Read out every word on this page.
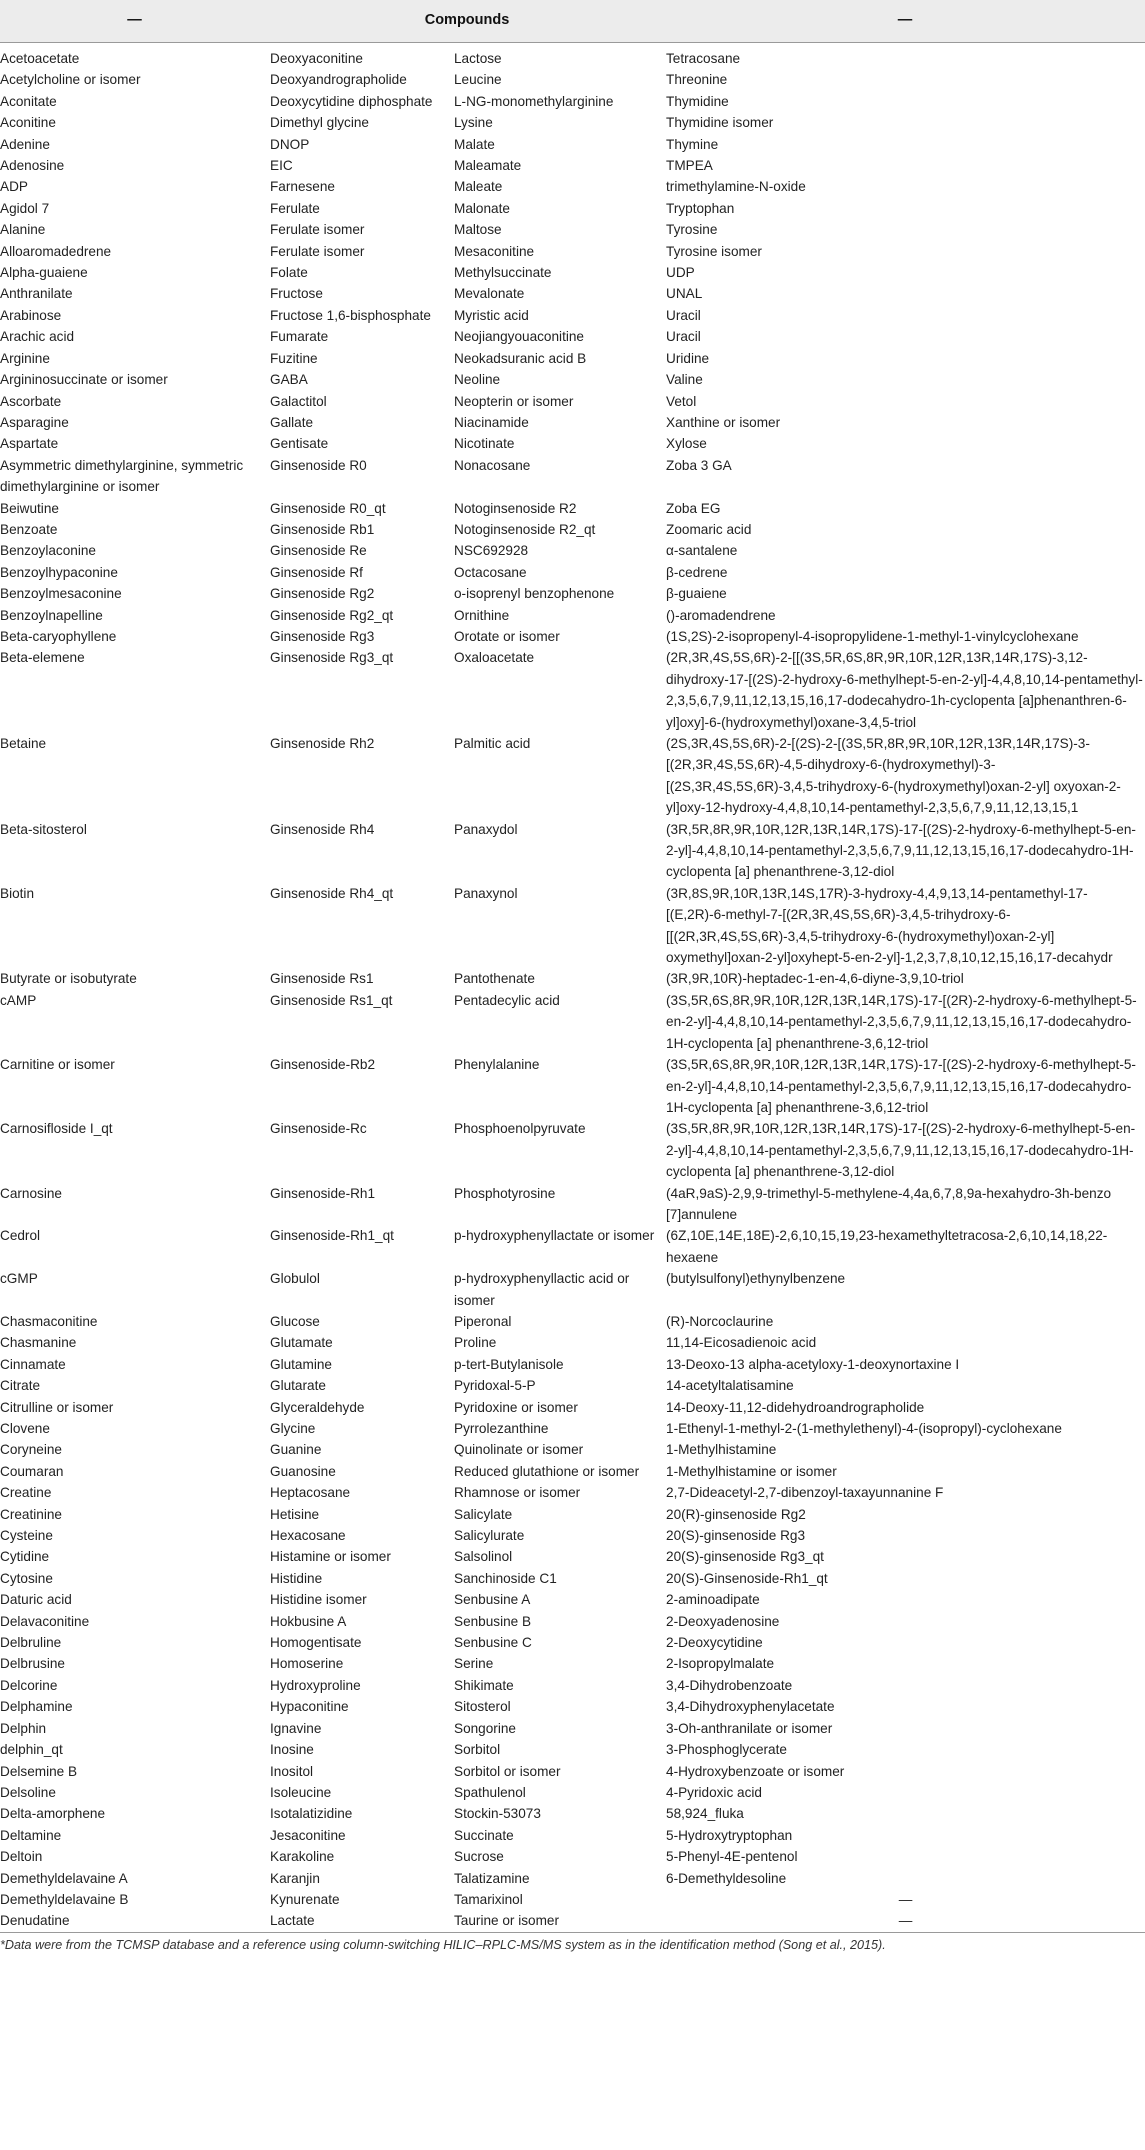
—	Compounds		—
Acetoacetate	Deoxyaconitine	Lactose	Tetracosane
Acetylcholine or isomer	Deoxyandrographolide	Leucine	Threonine
Aconitate	Deoxycytidine diphosphate	L-NG-monomethylarginine	Thymidine
Aconitine	Dimethyl glycine	Lysine	Thymidine isomer
Adenine	DNOP	Malate	Thymine
Adenosine	EIC	Maleamate	TMPEA
ADP	Farnesene	Maleate	trimethylamine-N-oxide
Agidol 7	Ferulate	Malonate	Tryptophan
Alanine	Ferulate isomer	Maltose	Tyrosine
Alloaromadedrene	Ferulate isomer	Mesaconitine	Tyrosine isomer
Alpha-guaiene	Folate	Methylsuccinate	UDP
Anthranilate	Fructose	Mevalonate	UNAL
Arabinose	Fructose 1,6-bisphosphate	Myristic acid	Uracil
Arachic acid	Fumarate	Neojiangyouaconitine	Uracil
Arginine	Fuzitine	Neokadsuranic acid B	Uridine
Argininosuccinate or isomer	GABA	Neoline	Valine
Ascorbate	Galactitol	Neopterin or isomer	Vetol
Asparagine	Gallate	Niacinamide	Xanthine or isomer
Aspartate	Gentisate	Nicotinate	Xylose
Asymmetric dimethylarginine, symmetric dimethylarginine or isomer	Ginsenoside R0	Nonacosane	Zoba 3 GA
Beiwutine	Ginsenoside R0_qt	Notoginsenoside R2	Zoba EG
Benzoate	Ginsenoside Rb1	Notoginsenoside R2_qt	Zoomaric acid
Benzoylaconine	Ginsenoside Re	NSC692928	α-santalene
Benzoylhypaconine	Ginsenoside Rf	Octacosane	β-cedrene
Benzoylmesaconine	Ginsenoside Rg2	o-isoprenyl benzophenone	β-guaiene
Benzoylnapelline	Ginsenoside Rg2_qt	Ornithine	()-aromadendrene
Beta-caryophyllene	Ginsenoside Rg3	Orotate or isomer	(1S,2S)-2-isopropenyl-4-isopropylidene-1-methyl-1-vinylcyclohexane
Beta-elemene	Ginsenoside Rg3_qt	Oxaloacetate	(2R,3R,4S,5S,6R)-2-[[(3S,5R,6S,8R,9R,10R,12R,13R,14R,17S)-3,12-dihydroxy-17-[(2S)-2-hydroxy-6-methylhept-5-en-2-yl]-4,4,8,10,14-pentamethyl-2,3,5,6,7,9,11,12,13,15,16,17-dodecahydro-1h-cyclopenta [a]phenanthren-6-yl]oxy]-6-(hydroxymethyl)oxane-3,4,5-triol
Betaine	Ginsenoside Rh2	Palmitic acid	(2S,3R,4S,5S,6R)-2-[(2S)-2-[(3S,5R,8R,9R,10R,12R,13R,14R,17S)-3-[(2R,3R,4S,5S,6R)-4,5-dihydroxy-6-(hydroxymethyl)-3-[(2S,3R,4S,5S,6R)-3,4,5-trihydroxy-6-(hydroxymethyl)oxan-2-yl] oxyoxan-2-yl]oxy-12-hydroxy-4,4,8,10,14-pentamethyl-2,3,5,6,7,9,11,12,13,15,1
Beta-sitosterol	Ginsenoside Rh4	Panaxydol	(3R,5R,8R,9R,10R,12R,13R,14R,17S)-17-[(2S)-2-hydroxy-6-methylhept-5-en-2-yl]-4,4,8,10,14-pentamethyl-2,3,5,6,7,9,11,12,13,15,16,17-dodecahydro-1H-cyclopenta [a] phenanthrene-3,12-diol
Biotin	Ginsenoside Rh4_qt	Panaxynol	(3R,8S,9R,10R,13R,14S,17R)-3-hydroxy-4,4,9,13,14-pentamethyl-17-[(E,2R)-6-methyl-7-[(2R,3R,4S,5S,6R)-3,4,5-trihydroxy-6-[[(2R,3R,4S,5S,6R)-3,4,5-trihydroxy-6-(hydroxymethyl)oxan-2-yl] oxymethyl]oxan-2-yl]oxyhept-5-en-2-yl]-1,2,3,7,8,10,12,15,16,17-decahydr
Butyrate or isobutyrate	Ginsenoside Rs1	Pantothenate	(3R,9R,10R)-heptadec-1-en-4,6-diyne-3,9,10-triol
cAMP	Ginsenoside Rs1_qt	Pentadecylic acid	(3S,5R,6S,8R,9R,10R,12R,13R,14R,17S)-17-[(2R)-2-hydroxy-6-methylhept-5-en-2-yl]-4,4,8,10,14-pentamethyl-2,3,5,6,7,9,11,12,13,15,16,17-dodecahydro-1H-cyclopenta [a] phenanthrene-3,6,12-triol
Carnitine or isomer	Ginsenoside-Rb2	Phenylalanine	(3S,5R,6S,8R,9R,10R,12R,13R,14R,17S)-17-[(2S)-2-hydroxy-6-methylhept-5-en-2-yl]-4,4,8,10,14-pentamethyl-2,3,5,6,7,9,11,12,13,15,16,17-dodecahydro-1H-cyclopenta [a] phenanthrene-3,6,12-triol
Carnosifloside I_qt	Ginsenoside-Rc	Phosphoenolpyruvate	(3S,5R,8R,9R,10R,12R,13R,14R,17S)-17-[(2S)-2-hydroxy-6-methylhept-5-en-2-yl]-4,4,8,10,14-pentamethyl-2,3,5,6,7,9,11,12,13,15,16,17-dodecahydro-1H-cyclopenta [a] phenanthrene-3,12-diol
Carnosine	Ginsenoside-Rh1	Phosphotyrosine	(4aR,9aS)-2,9,9-trimethyl-5-methylene-4,4a,6,7,8,9a-hexahydro-3h-benzo [7]annulene
Cedrol	Ginsenoside-Rh1_qt	p-hydroxyphenyllactate or isomer	(6Z,10E,14E,18E)-2,6,10,15,19,23-hexamethyltetracosa-2,6,10,14,18,22-hexaene
cGMP	Globulol	p-hydroxyphenyllactic acid or isomer	(butylsulfonyl)ethynylbenzene
Chasmaconitine	Glucose	Piperonal	(R)-Norcoclaurine
Chasmanine	Glutamate	Proline	11,14-Eicosadienoic acid
Cinnamate	Glutamine	p-tert-Butylanisole	13-Deoxo-13 alpha-acetyloxy-1-deoxynortaxine I
Citrate	Glutarate	Pyridoxal-5-P	14-acetyltalatisamine
Citrulline or isomer	Glyceraldehyde	Pyridoxine or isomer	14-Deoxy-11,12-didehydroandrographolide
Clovene	Glycine	Pyrrolezanthine	1-Ethenyl-1-methyl-2-(1-methylethenyl)-4-(isopropyl)-cyclohexane
Coryneine	Guanine	Quinolinate or isomer	1-Methylhistamine
Coumaran	Guanosine	Reduced glutathione or isomer	1-Methylhistamine or isomer
Creatine	Heptacosane	Rhamnose or isomer	2,7-Dideacetyl-2,7-dibenzoyl-taxayunnanine F
Creatinine	Hetisine	Salicylate	20(R)-ginsenoside Rg2
Cysteine	Hexacosane	Salicylurate	20(S)-ginsenoside Rg3
Cytidine	Histamine or isomer	Salsolinol	20(S)-ginsenoside Rg3_qt
Cytosine	Histidine	Sanchinoside C1	20(S)-Ginsenoside-Rh1_qt
Daturic acid	Histidine isomer	Senbusine A	2-aminoadipate
Delavaconitine	Hokbusine A	Senbusine B	2-Deoxyadenosine
Delbruline	Homogentisate	Senbusine C	2-Deoxycytidine
Delbrusine	Homoserine	Serine	2-Isopropylmalate
Delcorine	Hydroxyproline	Shikimate	3,4-Dihydrobenzoate
Delphamine	Hypaconitine	Sitosterol	3,4-Dihydroxyphenylacetate
Delphin	Ignavine	Songorine	3-Oh-anthranilate or isomer
delphin_qt	Inosine	Sorbitol	3-Phosphoglycerate
Delsemine B	Inositol	Sorbitol or isomer	4-Hydroxybenzoate or isomer
Delsoline	Isoleucine	Spathulenol	4-Pyridoxic acid
Delta-amorphene	Isotalatizidine	Stockin-53073	58,924_fluka
Deltamine	Jesaconitine	Succinate	5-Hydroxytryptophan
Deltoin	Karakoline	Sucrose	5-Phenyl-4E-pentenol
Demethyldelavaine A	Karanjin	Talatizamine	6-Demethyldesoline
Demethyldelavaine B	Kynurenate	Tamarixinol	—
Denudatine	Lactate	Taurine or isomer	—
*Data were from the TCMSP database and a reference using column-switching HILIC–RPLC-MS/MS system as in the identification method (Song et al., 2015).
